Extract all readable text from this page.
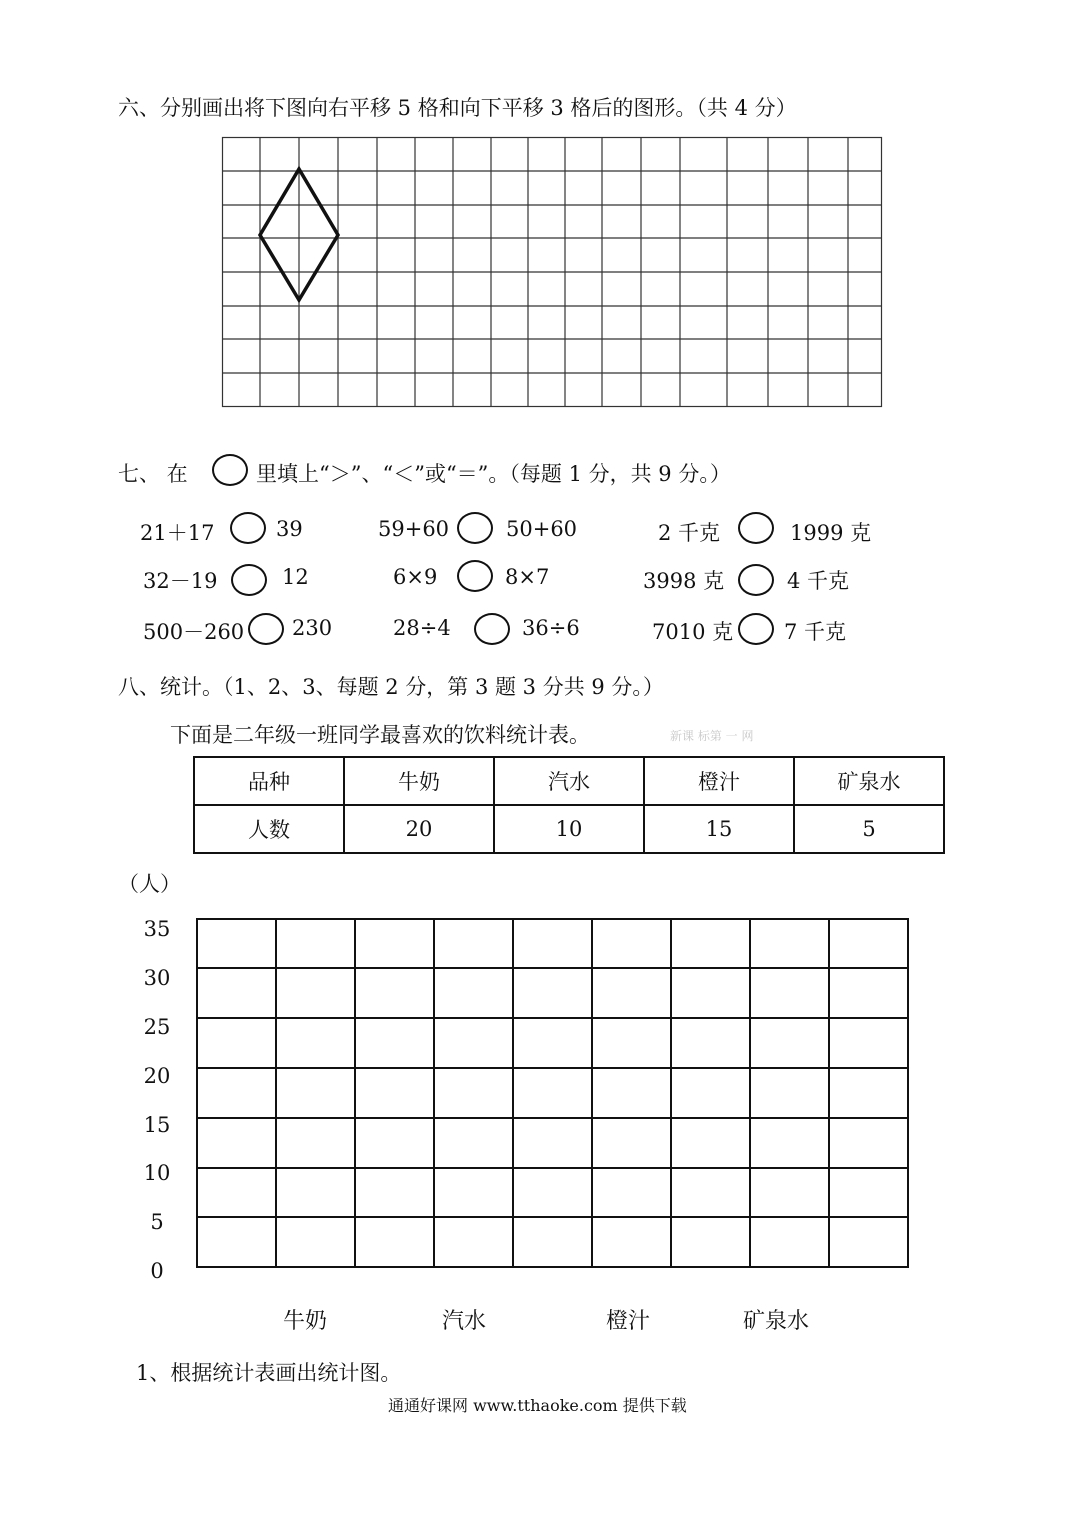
六、分别画出将下图向右平移 5 格和向下平移 3 格后的图形。（共 4 分）
七、 在	里填上“＞”、“＜”或“＝”。（每题 1 分，共 9 分。）
21＋17	39	59+60	50+60	2 千克	1999 克
32－19	12	6×9	8×7	3998 克	4 千克
500－260 230	28÷4	36÷6	7010 克 7 千克
八、统计。（1、2、3、每题 2 分，第 3 题 3 分共 9 分。）
下面是二年级一班同学最喜欢的饮料统计表。	新课 标第 一 网
品种	牛奶	汽水	橙汁	矿泉水
人数	20	10	15	5
（人）
35
30
25
20
15
10
5
0
牛奶	汽水	橙汁	矿泉水
1、根据统计表画出统计图。
通通好课网 www.tthaoke.com 提供下载
